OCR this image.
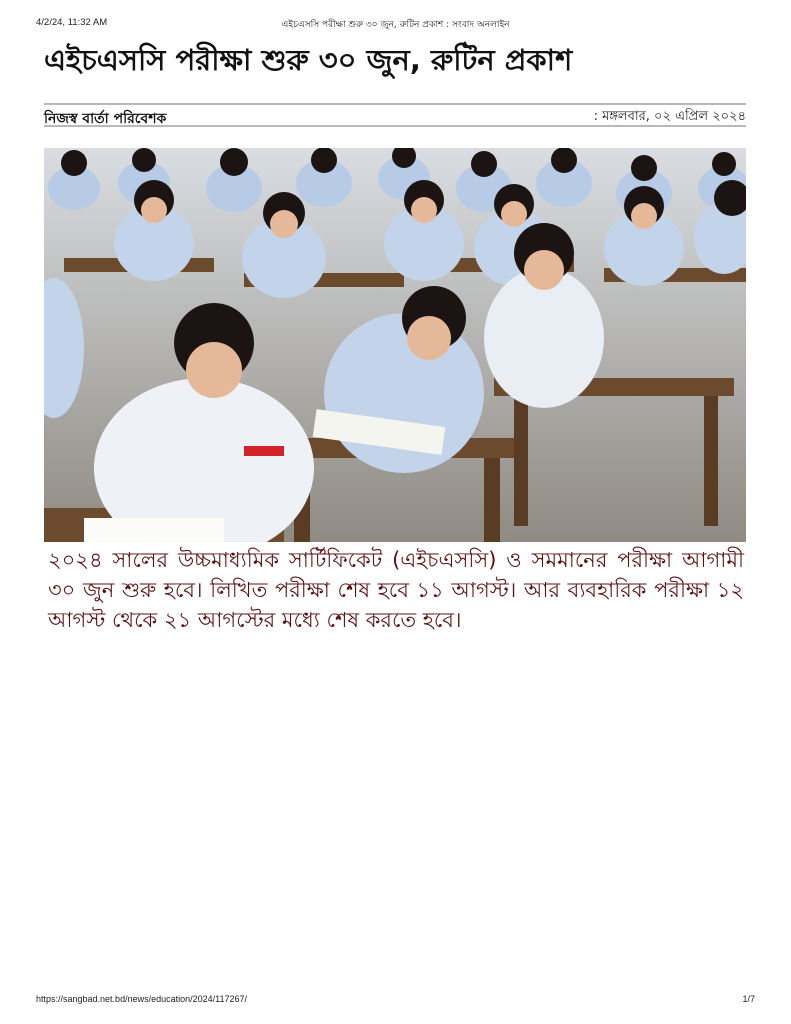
4/2/24, 11:32 AM	এইচএসসি পরীক্ষা শুরু ৩০ জুন, রুটিন প্রকাশ : সংবাদ অনলাইন
এইচএসসি পরীক্ষা শুরু ৩০ জুন, রুটিন প্রকাশ
নিজস্ব বার্তা পরিবেশক	: মঙ্গলবার, ০২ এপ্রিল ২০২৪

২০২৪ সালের উচ্চমাধ্যমিক সার্টিফিকেট (এইচএসসি) ও সমমানের পরীক্ষা আগামী ৩০ জুন শুরু হবে। লিখিত পরীক্ষা শেষ হবে ১১ আগস্ট। আর ব্যবহারিক পরীক্ষা ১২ আগস্ট থেকে ২১ আগস্টের মধ্যে শেষ করতে হবে।

https://sangbad.net.bd/news/education/2024/117267/	1/7
